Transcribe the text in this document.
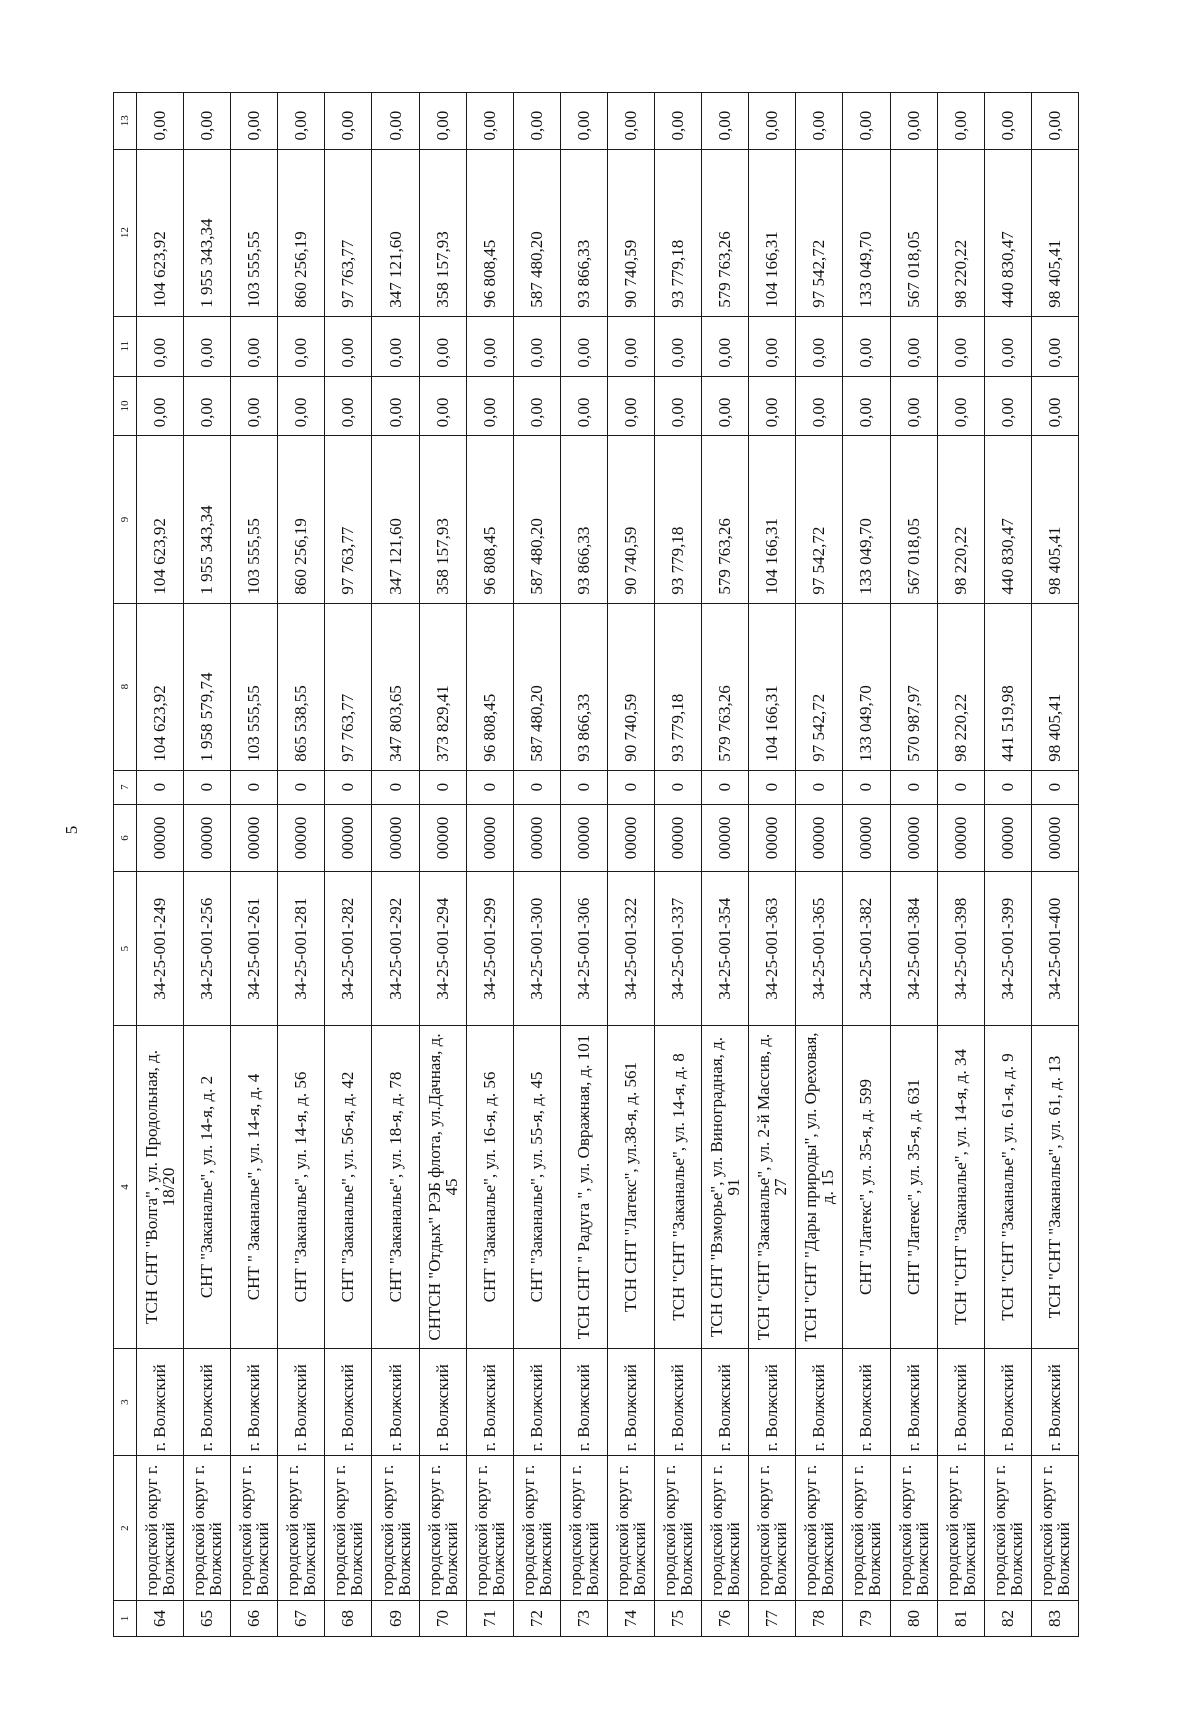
5
1	2	3	4	5	6	7	8	9	10	11	12	13
64	городской округ г. Волжский	г. Волжский	ТСН СНТ "Волга", ул. Продольная, д. 18/20	34-25-001-249	00000	0	104 623,92	104 623,92	0,00	0,00	104 623,92	0,00
65	городской округ г. Волжский	г. Волжский	СНТ "Заканалье", ул. 14-я, д. 2	34-25-001-256	00000	0	1 958 579,74	1 955 343,34	0,00	0,00	1 955 343,34	0,00
66	городской округ г. Волжский	г. Волжский	СНТ " Заканалье", ул. 14-я, д. 4	34-25-001-261	00000	0	103 555,55	103 555,55	0,00	0,00	103 555,55	0,00
67	городской округ г. Волжский	г. Волжский	СНТ "Заканалье", ул. 14-я, д. 56	34-25-001-281	00000	0	865 538,55	860 256,19	0,00	0,00	860 256,19	0,00
68	городской округ г. Волжский	г. Волжский	СНТ "Заканалье", ул. 56-я, д. 42	34-25-001-282	00000	0	97 763,77	97 763,77	0,00	0,00	97 763,77	0,00
69	городской округ г. Волжский	г. Волжский	СНТ "Заканалье", ул. 18-я, д. 78	34-25-001-292	00000	0	347 803,65	347 121,60	0,00	0,00	347 121,60	0,00
70	городской округ г. Волжский	г. Волжский	СНТСН "Отдых" РЭБ флота, ул.Дачная, д. 45	34-25-001-294	00000	0	373 829,41	358 157,93	0,00	0,00	358 157,93	0,00
71	городской округ г. Волжский	г. Волжский	СНТ "Заканалье", ул. 16-я, д. 56	34-25-001-299	00000	0	96 808,45	96 808,45	0,00	0,00	96 808,45	0,00
72	городской округ г. Волжский	г. Волжский	СНТ "Заканалье", ул. 55-я, д. 45	34-25-001-300	00000	0	587 480,20	587 480,20	0,00	0,00	587 480,20	0,00
73	городской округ г. Волжский	г. Волжский	ТСН СНТ " Радуга ", ул. Овражная, д. 101	34-25-001-306	00000	0	93 866,33	93 866,33	0,00	0,00	93 866,33	0,00
74	городской округ г. Волжский	г. Волжский	ТСН СНТ "Латекс", ул.38-я, д. 561	34-25-001-322	00000	0	90 740,59	90 740,59	0,00	0,00	90 740,59	0,00
75	городской округ г. Волжский	г. Волжский	ТСН "СНТ "Заканалье", ул. 14-я, д. 8	34-25-001-337	00000	0	93 779,18	93 779,18	0,00	0,00	93 779,18	0,00
76	городской округ г. Волжский	г. Волжский	ТСН СНТ "Взморье", ул. Виноградная, д. 91	34-25-001-354	00000	0	579 763,26	579 763,26	0,00	0,00	579 763,26	0,00
77	городской округ г. Волжский	г. Волжский	ТСН "СНТ "Заканалье", ул. 2-й Массив, д. 27	34-25-001-363	00000	0	104 166,31	104 166,31	0,00	0,00	104 166,31	0,00
78	городской округ г. Волжский	г. Волжский	ТСН "СНТ "Дары природы", ул. Ореховая, д. 15	34-25-001-365	00000	0	97 542,72	97 542,72	0,00	0,00	97 542,72	0,00
79	городской округ г. Волжский	г. Волжский	СНТ "Латекс", ул. 35-я, д. 599	34-25-001-382	00000	0	133 049,70	133 049,70	0,00	0,00	133 049,70	0,00
80	городской округ г. Волжский	г. Волжский	СНТ "Латекс", ул. 35-я, д. 631	34-25-001-384	00000	0	570 987,97	567 018,05	0,00	0,00	567 018,05	0,00
81	городской округ г. Волжский	г. Волжский	ТСН "СНТ "Заканалье", ул. 14-я, д. 34	34-25-001-398	00000	0	98 220,22	98 220,22	0,00	0,00	98 220,22	0,00
82	городской округ г. Волжский	г. Волжский	ТСН "СНТ "Заканалье", ул. 61-я, д. 9	34-25-001-399	00000	0	441 519,98	440 830,47	0,00	0,00	440 830,47	0,00
83	городской округ г. Волжский	г. Волжский	ТСН "СНТ "Заканалье", ул. 61, д. 13	34-25-001-400	00000	0	98 405,41	98 405,41	0,00	0,00	98 405,41	0,00
